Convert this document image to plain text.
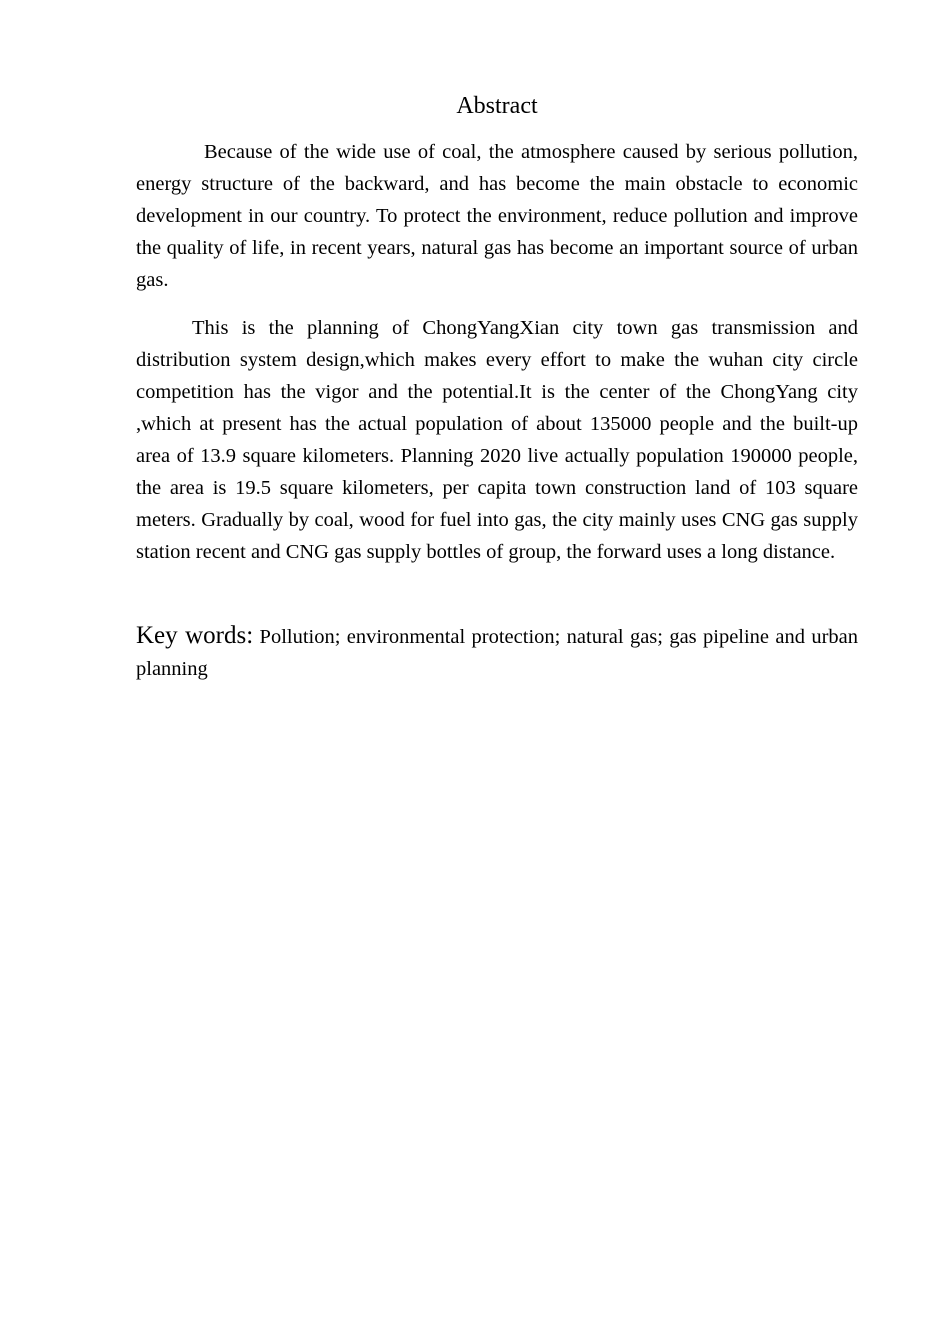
Abstract

Because of the wide use of coal, the atmosphere caused by serious pollution, energy structure of the backward, and has become the main obstacle to economic development in our country. To protect the environment, reduce pollution and improve the quality of life, in recent years, natural gas has become an important source of urban gas.

This is the planning of ChongYangXian city town gas transmission and distribution system design,which makes every effort to make the wuhan city circle competition has the vigor and the potential.It is the center of the ChongYang city ,which at present has the actual population of about 135000 people and the built-up area of 13.9 square kilometers. Planning 2020 live actually population 190000 people, the area is 19.5 square kilometers, per capita town construction land of 103 square meters. Gradually by coal, wood for fuel into gas, the city mainly uses CNG gas supply station recent and CNG gas supply bottles of group, the forward uses a long distance.

Key words: Pollution; environmental protection; natural gas; gas pipeline and urban planning
